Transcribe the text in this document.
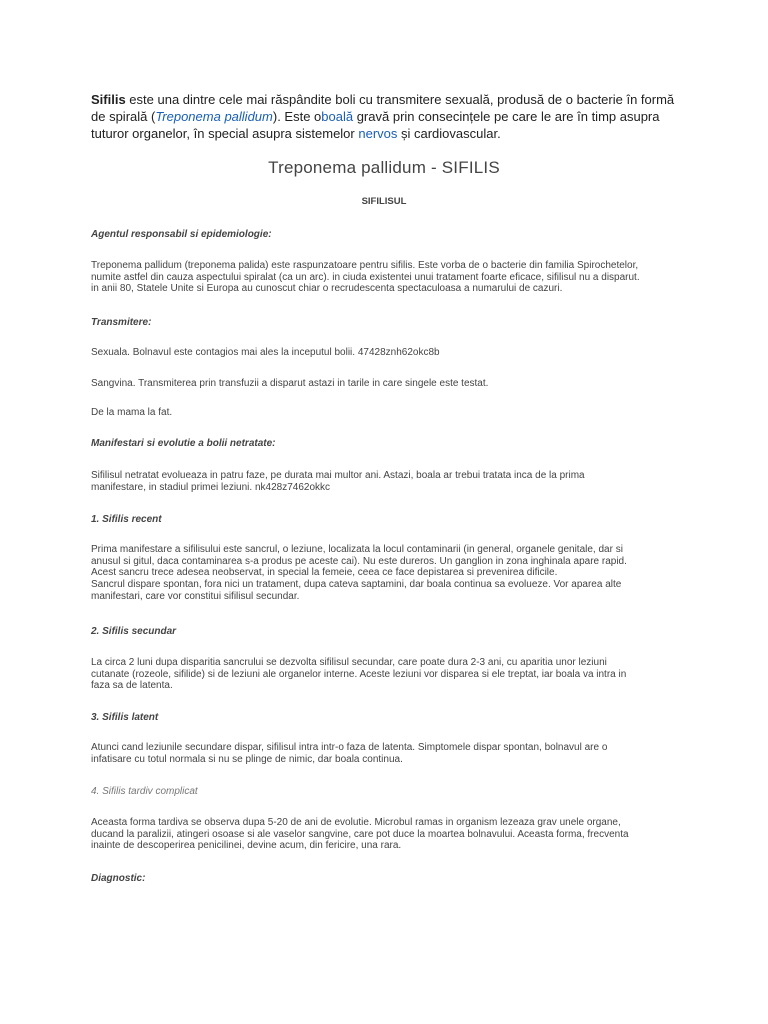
Sifilis este una dintre cele mai răspândite boli cu transmitere sexuală, produsă de o bacterie în formă de spirală (Treponema pallidum). Este oboală gravă prin consecințele pe care le are în timp asupra tuturor organelor, în special asupra sistemelor nervos și cardiovascular.
Treponema pallidum - SIFILIS
SIFILISUL
Agentul responsabil si epidemiologie:
Treponema pallidum (treponema palida) este raspunzatoare pentru sifilis. Este vorba de o bacterie din familia Spirochetelor,
numite astfel din cauza aspectului spiralat (ca un arc). in ciuda existentei unui tratament foarte eficace, sifilisul nu a disparut.
in anii 80, Statele Unite si Europa au cunoscut chiar o recrudescenta spectaculoasa a numarului de cazuri.
Transmitere:
Sexuala. Bolnavul este contagios mai ales la inceputul bolii. 47428znh62okc8b
Sangvina. Transmiterea prin transfuzii a disparut astazi in tarile in care singele este testat.
De la mama la fat.
Manifestari si evolutie a bolii netratate:
Sifilisul netratat evolueaza in patru faze, pe durata mai multor ani. Astazi, boala ar trebui tratata inca de la prima
manifestare, in stadiul primei leziuni. nk428z7462okkc
1. Sifilis recent
Prima manifestare a sifilisului este sancrul, o leziune, localizata la locul contaminarii (in general, organele genitale, dar si
anusul si gitul, daca contaminarea s-a produs pe aceste cai). Nu este dureros. Un ganglion in zona inghinala apare rapid.
Acest sancru trece adesea neobservat, in special la femeie, ceea ce face depistarea si prevenirea dificile.
Sancrul dispare spontan, fora nici un tratament, dupa cateva saptamini, dar boala continua sa evolueze. Vor aparea alte
manifestari, care vor constitui sifilisul secundar.
2. Sifilis secundar
La circa 2 luni dupa disparitia sancrului se dezvolta sifilisul secundar, care poate dura 2-3 ani, cu aparitia unor leziuni
cutanate (rozeole, sifilide) si de leziuni ale organelor interne. Aceste leziuni vor disparea si ele treptat, iar boala va intra in
faza sa de latenta.
3. Sifilis latent
Atunci cand leziunile secundare dispar, sifilisul intra intr-o faza de latenta. Simptomele dispar spontan, bolnavul are o
infatisare cu totul normala si nu se plinge de nimic, dar boala continua.
4. Sifilis tardiv complicat
Aceasta forma tardiva se observa dupa 5-20 de ani de evolutie. Microbul ramas in organism lezeaza grav unele organe,
ducand la paralizii, atingeri osoase si ale vaselor sangvine, care pot duce la moartea bolnavului. Aceasta forma, frecventa
inainte de descoperirea penicilinei, devine acum, din fericire, una rara.
Diagnostic:
